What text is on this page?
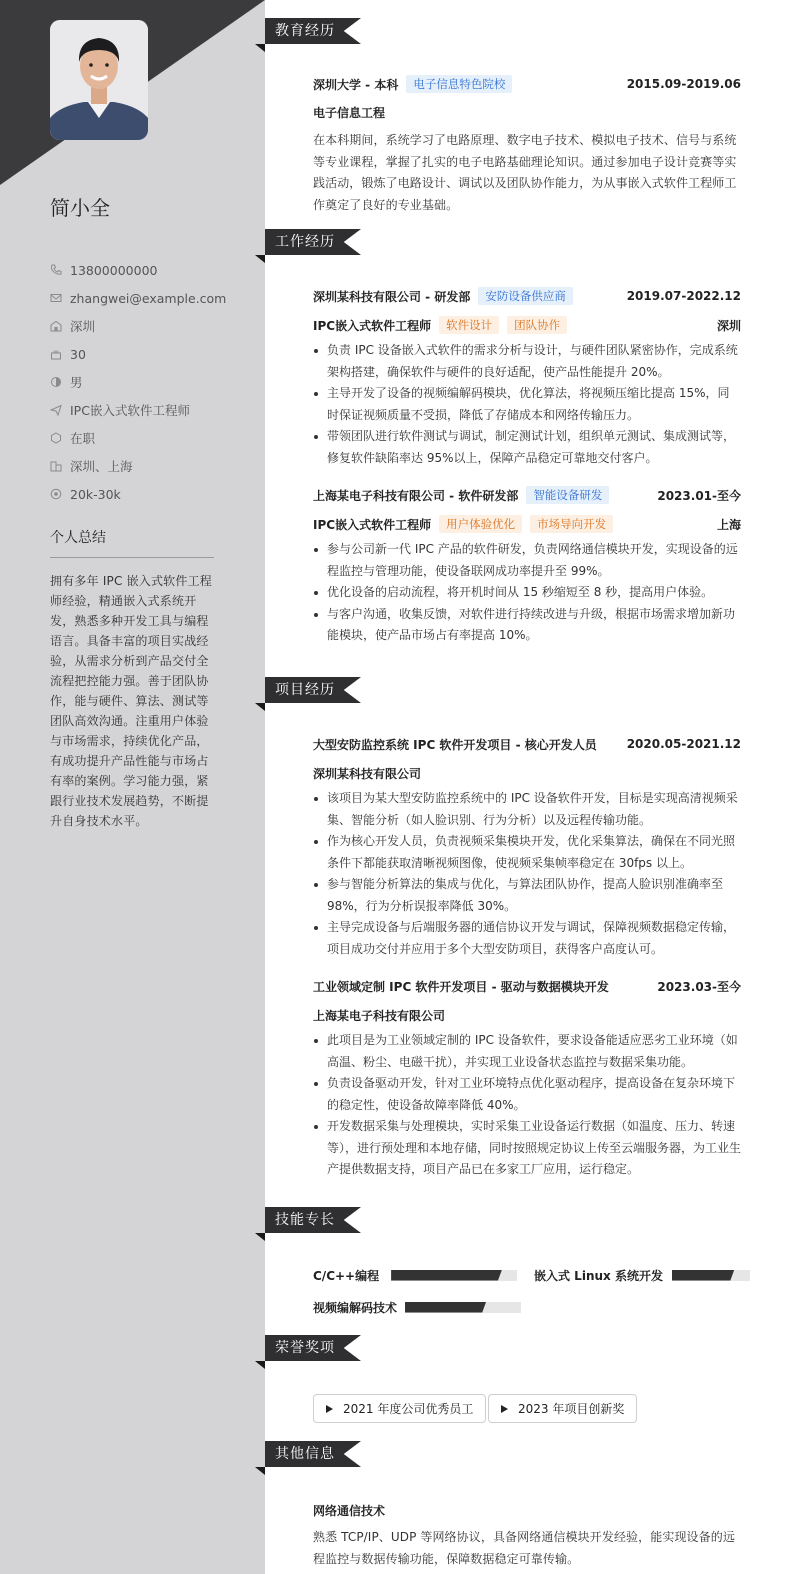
简小全
13800000000
zhangwei@example.com
深圳
30
男
IPC嵌入式软件工程师
在职
深圳、上海
20k-30k
个人总结
拥有多年 IPC 嵌入式软件工程师经验，精通嵌入式系统开发，熟悉多种开发工具与编程语言。具备丰富的项目实战经验，从需求分析到产品交付全流程把控能力强。善于团队协作，能与硬件、算法、测试等团队高效沟通。注重用户体验与市场需求，持续优化产品，有成功提升产品性能与市场占有率的案例。学习能力强，紧跟行业技术发展趋势，不断提升自身技术水平。
教育经历
深圳大学 - 本科	电子信息特色院校	2015.09-2019.06
电子信息工程
在本科期间，系统学习了电路原理、数字电子技术、模拟电子技术、信号与系统等专业课程，掌握了扎实的电子电路基础理论知识。通过参加电子设计竞赛等实践活动，锻炼了电路设计、调试以及团队协作能力，为从事嵌入式软件工程师工作奠定了良好的专业基础。
工作经历
深圳某科技有限公司 - 研发部	安防设备供应商	2019.07-2022.12
IPC嵌入式软件工程师	软件设计	团队协作	深圳
负责 IPC 设备嵌入式软件的需求分析与设计，与硬件团队紧密协作，完成系统架构搭建，确保软件与硬件的良好适配，使产品性能提升 20%。
主导开发了设备的视频编解码模块，优化算法，将视频压缩比提高 15%，同时保证视频质量不受损，降低了存储成本和网络传输压力。
带领团队进行软件测试与调试，制定测试计划，组织单元测试、集成测试等，修复软件缺陷率达 95%以上，保障产品稳定可靠地交付客户。
上海某电子科技有限公司 - 软件研发部	智能设备研发	2023.01-至今
IPC嵌入式软件工程师	用户体验优化	市场导向开发	上海
参与公司新一代 IPC 产品的软件研发，负责网络通信模块开发，实现设备的远程监控与管理功能，使设备联网成功率提升至 99%。
优化设备的启动流程，将开机时间从 15 秒缩短至 8 秒，提高用户体验。
与客户沟通，收集反馈，对软件进行持续改进与升级，根据市场需求增加新功能模块，使产品市场占有率提高 10%。
项目经历
大型安防监控系统 IPC 软件开发项目 - 核心开发人员 2020.05-2021.12
深圳某科技有限公司
该项目为某大型安防监控系统中的 IPC 设备软件开发，目标是实现高清视频采集、智能分析（如人脸识别、行为分析）以及远程传输功能。
作为核心开发人员，负责视频采集模块开发，优化采集算法，确保在不同光照条件下都能获取清晰视频图像，使视频采集帧率稳定在 30fps 以上。
参与智能分析算法的集成与优化，与算法团队协作，提高人脸识别准确率至 98%，行为分析误报率降低 30%。
主导完成设备与后端服务器的通信协议开发与调试，保障视频数据稳定传输，项目成功交付并应用于多个大型安防项目，获得客户高度认可。
工业领域定制 IPC 软件开发项目 - 驱动与数据模块开发	2023.03-至今
上海某电子科技有限公司
此项目是为工业领域定制的 IPC 设备软件，要求设备能适应恶劣工业环境（如高温、粉尘、电磁干扰），并实现工业设备状态监控与数据采集功能。
负责设备驱动开发，针对工业环境特点优化驱动程序，提高设备在复杂环境下的稳定性，使设备故障率降低 40%。
开发数据采集与处理模块，实时采集工业设备运行数据（如温度、压力、转速等），进行预处理和本地存储，同时按照规定协议上传至云端服务器，为工业生产提供数据支持，项目产品已在多家工厂应用，运行稳定。
技能专长
C/C++编程	嵌入式 Linux 系统开发
视频编解码技术
荣誉奖项
2021 年度公司优秀员工	2023 年项目创新奖
其他信息
网络通信技术
熟悉 TCP/IP、UDP 等网络协议，具备网络通信模块开发经验，能实现设备的远程监控与数据传输功能，保障数据稳定可靠传输。
